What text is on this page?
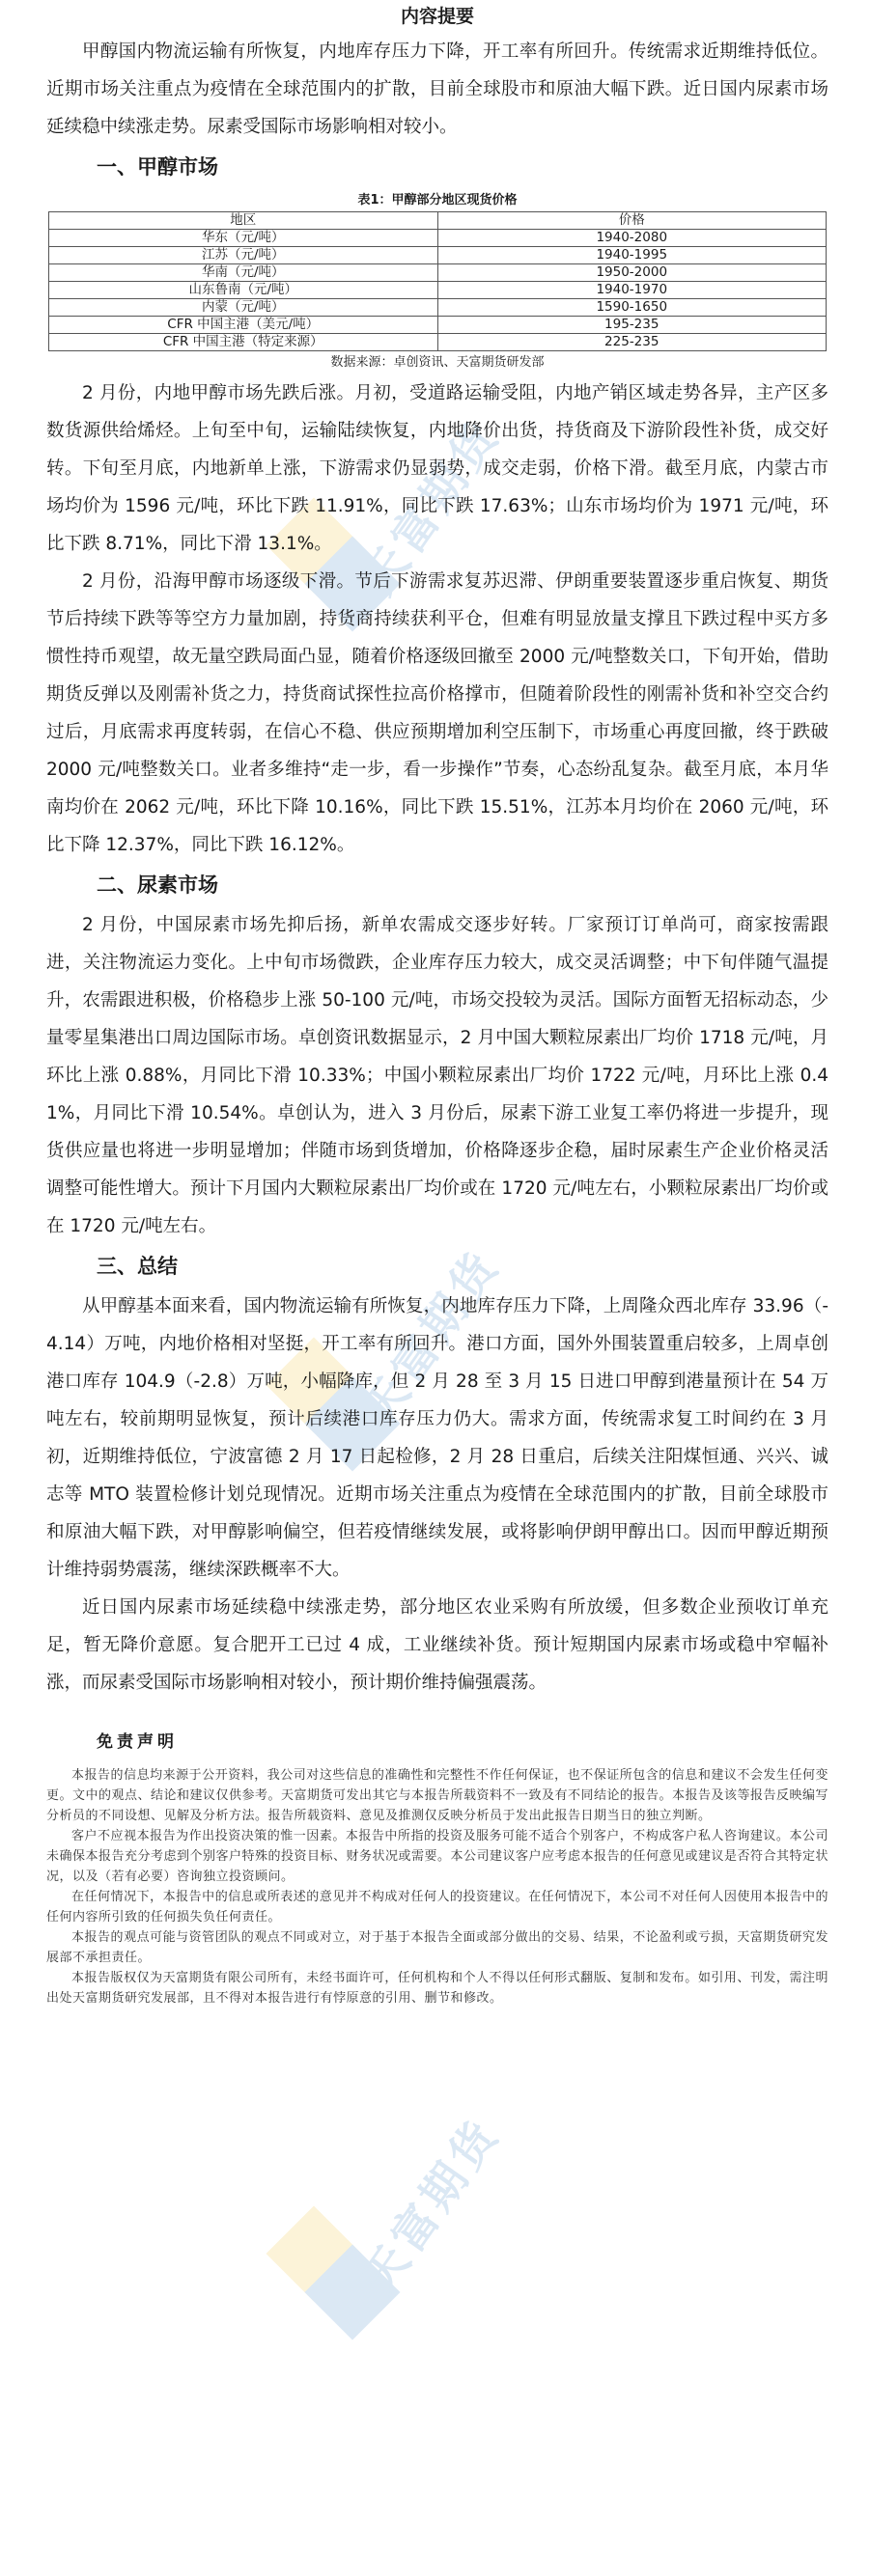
天富期货
天富期货
天富期货
内容提要

甲醇国内物流运输有所恢复，内地库存压力下降，开工率有所回升。传统需求近期维持低位。近期市场关注重点为疫情在全球范围内的扩散，目前全球股市和原油大幅下跌。近日国内尿素市场延续稳中续涨走势。尿素受国际市场影响相对较小。

一、甲醇市场
表1：甲醇部分地区现货价格
地区	价格
华东（元/吨）	1940-2080
江苏（元/吨）	1940-1995
华南（元/吨）	1950-2000
山东鲁南（元/吨）	1940-1970
内蒙（元/吨）	1590-1650
CFR 中国主港（美元/吨）	195-235
CFR 中国主港（特定来源）	225-235
数据来源：卓创资讯、天富期货研发部

2 月份，内地甲醇市场先跌后涨。月初，受道路运输受阻，内地产销区域走势各异，主产区多数货源供给烯烃。上旬至中旬，运输陆续恢复，内地降价出货，持货商及下游阶段性补货，成交好转。下旬至月底，内地新单上涨，下游需求仍显弱势，成交走弱，价格下滑。截至月底，内蒙古市场均价为 1596 元/吨，环比下跌 11.91%，同比下跌 17.63%；山东市场均价为 1971 元/吨，环比下跌 8.71%，同比下滑 13.1%。

2 月份，沿海甲醇市场逐级下滑。节后下游需求复苏迟滞、伊朗重要装置逐步重启恢复、期货节后持续下跌等等空方力量加剧，持货商持续获利平仓，但难有明显放量支撑且下跌过程中买方多惯性持币观望，故无量空跌局面凸显，随着价格逐级回撤至 2000 元/吨整数关口，下旬开始，借助期货反弹以及刚需补货之力，持货商试探性拉高价格撑市，但随着阶段性的刚需补货和补空交合约过后，月底需求再度转弱，在信心不稳、供应预期增加利空压制下，市场重心再度回撤，终于跌破 2000 元/吨整数关口。业者多维持“走一步，看一步操作”节奏，心态纷乱复杂。截至月底，本月华南均价在 2062 元/吨，环比下降 10.16%，同比下跌 15.51%，江苏本月均价在 2060 元/吨，环比下降 12.37%，同比下跌 16.12%。

二、尿素市场

2 月份，中国尿素市场先抑后扬，新单农需成交逐步好转。厂家预订订单尚可，商家按需跟进，关注物流运力变化。上中旬市场微跌，企业库存压力较大，成交灵活调整；中下旬伴随气温提升，农需跟进积极，价格稳步上涨 50-100 元/吨，市场交投较为灵活。国际方面暂无招标动态，少量零星集港出口周边国际市场。卓创资讯数据显示，2 月中国大颗粒尿素出厂均价 1718 元/吨，月环比上涨 0.88%，月同比下滑 10.33%；中国小颗粒尿素出厂均价 1722 元/吨，月环比上涨 0.41%，月同比下滑 10.54%。卓创认为，进入 3 月份后，尿素下游工业复工率仍将进一步提升，现货供应量也将进一步明显增加；伴随市场到货增加，价格降逐步企稳，届时尿素生产企业价格灵活调整可能性增大。预计下月国内大颗粒尿素出厂均价或在 1720 元/吨左右，小颗粒尿素出厂均价或在 1720 元/吨左右。

三、总结

从甲醇基本面来看，国内物流运输有所恢复，内地库存压力下降，上周隆众西北库存 33.96（-4.14）万吨，内地价格相对坚挺，开工率有所回升。港口方面，国外外围装置重启较多，上周卓创港口库存 104.9（-2.8）万吨，小幅降库，但 2 月 28 至 3 月 15 日进口甲醇到港量预计在 54 万吨左右，较前期明显恢复，预计后续港口库存压力仍大。需求方面，传统需求复工时间约在 3 月初，近期维持低位，宁波富德 2 月 17 日起检修，2 月 28 日重启，后续关注阳煤恒通、兴兴、诚志等 MTO 装置检修计划兑现情况。近期市场关注重点为疫情在全球范围内的扩散，目前全球股市和原油大幅下跌，对甲醇影响偏空，但若疫情继续发展，或将影响伊朗甲醇出口。因而甲醇近期预计维持弱势震荡，继续深跌概率不大。

近日国内尿素市场延续稳中续涨走势，部分地区农业采购有所放缓，但多数企业预收订单充足，暂无降价意愿。复合肥开工已过 4 成，工业继续补货。预计短期国内尿素市场或稳中窄幅补涨，而尿素受国际市场影响相对较小，预计期价维持偏强震荡。

免责声明

本报告的信息均来源于公开资料，我公司对这些信息的准确性和完整性不作任何保证，也不保证所包含的信息和建议不会发生任何变更。文中的观点、结论和建议仅供参考。天富期货可发出其它与本报告所载资料不一致及有不同结论的报告。本报告及该等报告反映编写分析员的不同设想、见解及分析方法。报告所载资料、意见及推测仅反映分析员于发出此报告日期当日的独立判断。

客户不应视本报告为作出投资决策的惟一因素。本报告中所指的投资及服务可能不适合个别客户，不构成客户私人咨询建议。本公司未确保本报告充分考虑到个别客户特殊的投资目标、财务状况或需要。本公司建议客户应考虑本报告的任何意见或建议是否符合其特定状况，以及（若有必要）咨询独立投资顾问。

在任何情况下，本报告中的信息或所表述的意见并不构成对任何人的投资建议。在任何情况下，本公司不对任何人因使用本报告中的任何内容所引致的任何损失负任何责任。

本报告的观点可能与资管团队的观点不同或对立，对于基于本报告全面或部分做出的交易、结果，不论盈利或亏损，天富期货研究发展部不承担责任。

本报告版权仅为天富期货有限公司所有，未经书面许可，任何机构和个人不得以任何形式翻版、复制和发布。如引用、刊发，需注明出处天富期货研究发展部，且不得对本报告进行有悖原意的引用、删节和修改。
